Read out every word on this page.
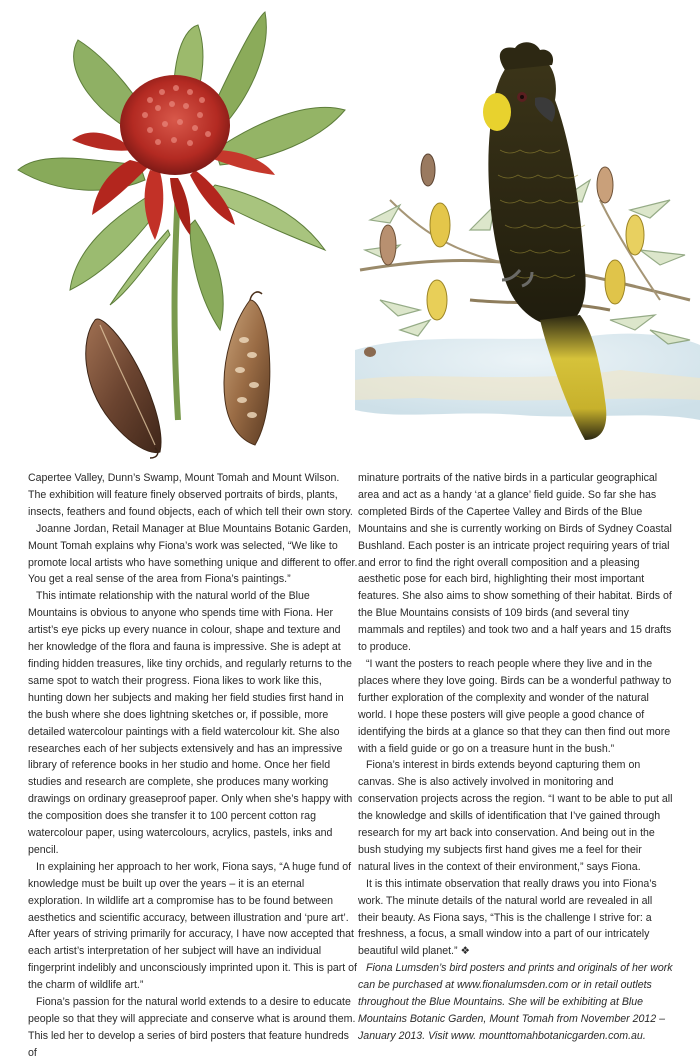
Capertee Valley, Dunn’s Swamp, Mount Tomah and Mount Wilson. The exhibition will feature finely observed portraits of birds, plants, insects, feathers and found objects, each of which tell their own story.

Joanne Jordan, Retail Manager at Blue Mountains Botanic Garden, Mount Tomah explains why Fiona’s work was selected, “We like to promote local artists who have something unique and different to offer. You get a real sense of the area from Fiona’s paintings.”

This intimate relationship with the natural world of the Blue Mountains is obvious to anyone who spends time with Fiona. Her artist’s eye picks up every nuance in colour, shape and texture and her knowledge of the flora and fauna is impressive. She is adept at finding hidden treasures, like tiny orchids, and regularly returns to the same spot to watch their progress. Fiona likes to work like this, hunting down her subjects and making her field studies first hand in the bush where she does lightning sketches or, if possible, more detailed watercolour paintings with a field watercolour kit. She also researches each of her subjects extensively and has an impressive library of reference books in her studio and home. Once her field studies and research are complete, she produces many working drawings on ordinary greaseproof paper. Only when she’s happy with the composition does she transfer it to 100 percent cotton rag watercolour paper, using watercolours, acrylics, pastels, inks and pencil.

In explaining her approach to her work, Fiona says, “A huge fund of knowledge must be built up over the years – it is an eternal exploration. In wildlife art a compromise has to be found between aesthetics and scientific accuracy, between illustration and ‘pure art’. After years of striving primarily for accuracy, I have now accepted that each artist’s interpretation of her subject will have an individual fingerprint indelibly and unconsciously imprinted upon it. This is part of the charm of wildlife art.”

Fiona’s passion for the natural world extends to a desire to educate people so that they will appreciate and conserve what is around them. This led her to develop a series of bird posters that feature hundreds of

minature portraits of the native birds in a particular geographical area and act as a handy ‘at a glance’ field guide. So far she has completed Birds of the Capertee Valley and Birds of the Blue Mountains and she is currently working on Birds of Sydney Coastal Bushland. Each poster is an intricate project requiring years of trial and error to find the right overall composition and a pleasing aesthetic pose for each bird, highlighting their most important features. She also aims to show something of their habitat. Birds of the Blue Mountains consists of 109 birds (and several tiny mammals and reptiles) and took two and a half years and 15 drafts to produce.

“I want the posters to reach people where they live and in the places where they love going. Birds can be a wonderful pathway to further exploration of the complexity and wonder of the natural world. I hope these posters will give people a good chance of identifying the birds at a glance so that they can then find out more with a field guide or go on a treasure hunt in the bush.”

Fiona’s interest in birds extends beyond capturing them on canvas. She is also actively involved in monitoring and conservation projects across the region. “I want to be able to put all the knowledge and skills of identification that I’ve gained through research for my art back into conservation. And being out in the bush studying my subjects first hand gives me a feel for their natural lives in the context of their environment,” says Fiona.

It is this intimate observation that really draws you into Fiona’s work. The minute details of the natural world are revealed in all their beauty. As Fiona says, “This is the challenge I strive for: a freshness, a focus, a small window into a part of our intricately beautiful wild planet.” ❖

Fiona Lumsden’s bird posters and prints and originals of her work can be purchased at www.fionalumsden.com or in retail outlets throughout the Blue Mountains. She will be exhibiting at Blue Mountains Botanic Garden, Mount Tomah from November 2012 – January 2013. Visit www. mounttomahbotanicgarden.com.au.
